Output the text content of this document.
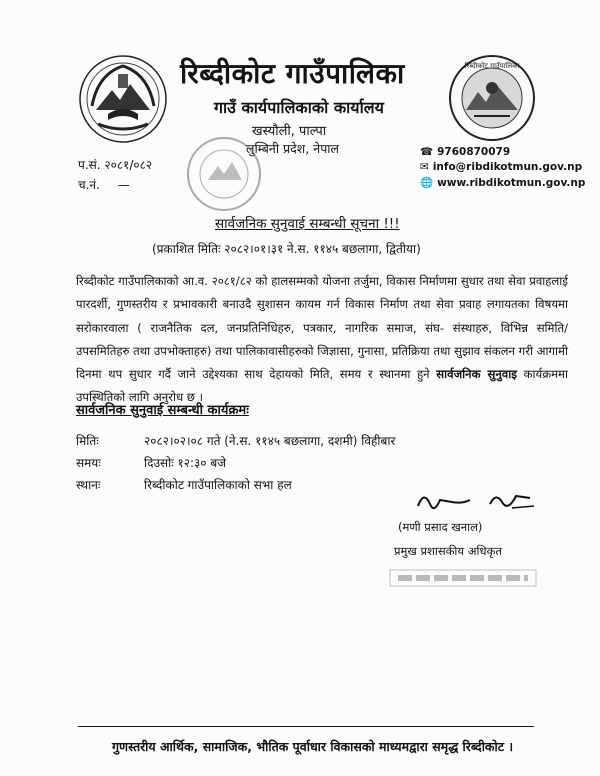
रिब्दीकोट गाउँपालिका
गाउँ कार्यपालिकाको कार्यालय
खस्यौली, पाल्पा
लुम्बिनी प्रदेश, नेपाल
रिब्दीकोट गाउँपालिका
☎ 9760870079
✉ info@ribdikotmun.gov.np
🌐 www.ribdikotmun.gov.np
प.सं. २०८१/०८२
च.नं. —
सार्वजनिक सुनुवाई सम्बन्धी सूचना !!!
(प्रकाशित मितिः २०८२।०१।३१ ने.स. ११४५ बछलागा, द्वितीया)
रिब्दीकोट गाउँपालिकाको आ.व. २०८१/८२ को हालसम्मको योजना तर्जुमा, विकास निर्माणमा सुधार तथा सेवा प्रवाहलाई पारदर्शी, गुणस्तरीय र प्रभावकारी बनाउदै सुशासन कायम गर्न विकास निर्माण तथा सेवा प्रवाह लगायतका विषयमा सरोकारवाला ( राजनैतिक दल, जनप्रतिनिधिहरु, पत्रकार, नागरिक समाज, संघ- संस्थाहरु, विभिन्न समिति/ उपसमितिहरु तथा उपभोक्ताहरु) तथा पालिकावासीहरुको जिज्ञासा, गुनासा, प्रतिक्रिया तथा सुझाव संकलन गरी आगामी दिनमा थप सुधार गर्दै जाने उद्देश्यका साथ देहायको मिति, समय र स्थानमा हुने सार्वजनिक सुनुवाइ कार्यक्रममा उपस्थितिको लागि अनुरोध छ ।
सार्वजनिक सुनुवाई सम्बन्धी कार्यक्रमः
मितिः	२०८२।०२।०८ गते (ने.स. ११४५ बछलागा, दशमी) विहीबार
समयः	दिउसोः १२:३० बजे
स्थानः	रिब्दीकोट गाउँपालिकाको सभा हल
(मणी प्रसाद खनाल)
प्रमुख प्रशासकीय अधिकृत
गुणस्तरीय आर्थिक, सामाजिक, भौतिक पूर्वाधार विकासको माध्यमद्वारा समृद्ध रिब्दीकोट ।
